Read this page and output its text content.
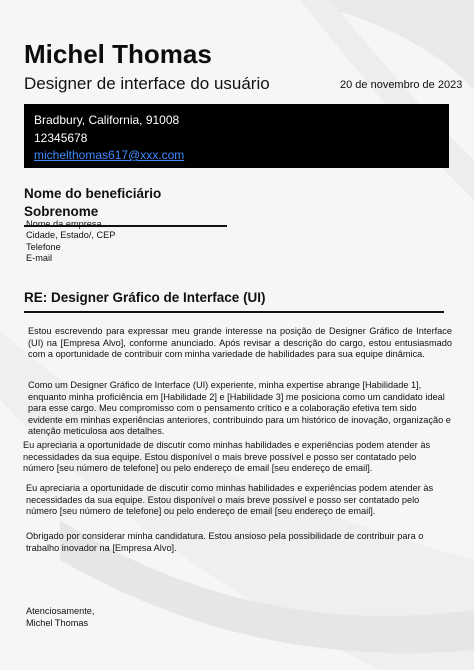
Michel Thomas

Designer de interface do usuário	20 de novembro de 2023

Bradbury, California, 91008
12345678
michelthomas617@xxx.com
Nome do beneficiário Sobrenome
Nome da empresa
Cidade, Estado/, CEP
Telefone
E-mail
RE: Designer Gráfico de Interface (UI)

Estou escrevendo para expressar meu grande interesse na posição de Designer Gráfico de Interface (UI) na [Empresa Alvo], conforme anunciado. Após revisar a descrição do cargo, estou entusiasmado com a oportunidade de contribuir com minha variedade de habilidades para sua equipe dinâmica.

Como um Designer Gráfico de Interface (UI) experiente, minha expertise abrange [Habilidade 1], enquanto minha proficiência em [Habilidade 2] e [Habilidade 3] me posiciona como um candidato ideal para esse cargo. Meu compromisso com o pensamento crítico e a colaboração efetiva tem sido evidente em minhas experiências anteriores, contribuindo para um histórico de inovação, organização e atenção meticulosa aos detalhes.

Eu apreciaria a oportunidade de discutir como minhas habilidades e experiências podem atender às necessidades da sua equipe. Estou disponível o mais breve possível e posso ser contatado pelo número [seu número de telefone] ou pelo endereço de email [seu endereço de email].

Eu apreciaria a oportunidade de discutir como minhas habilidades e experiências podem atender às necessidades da sua equipe. Estou disponível o mais breve possível e posso ser contatado pelo número [seu número de telefone] ou pelo endereço de email [seu endereço de email].

Obrigado por considerar minha candidatura. Estou ansioso pela possibilidade de contribuir para o trabalho inovador na [Empresa Alvo].

Atenciosamente,
Michel Thomas
